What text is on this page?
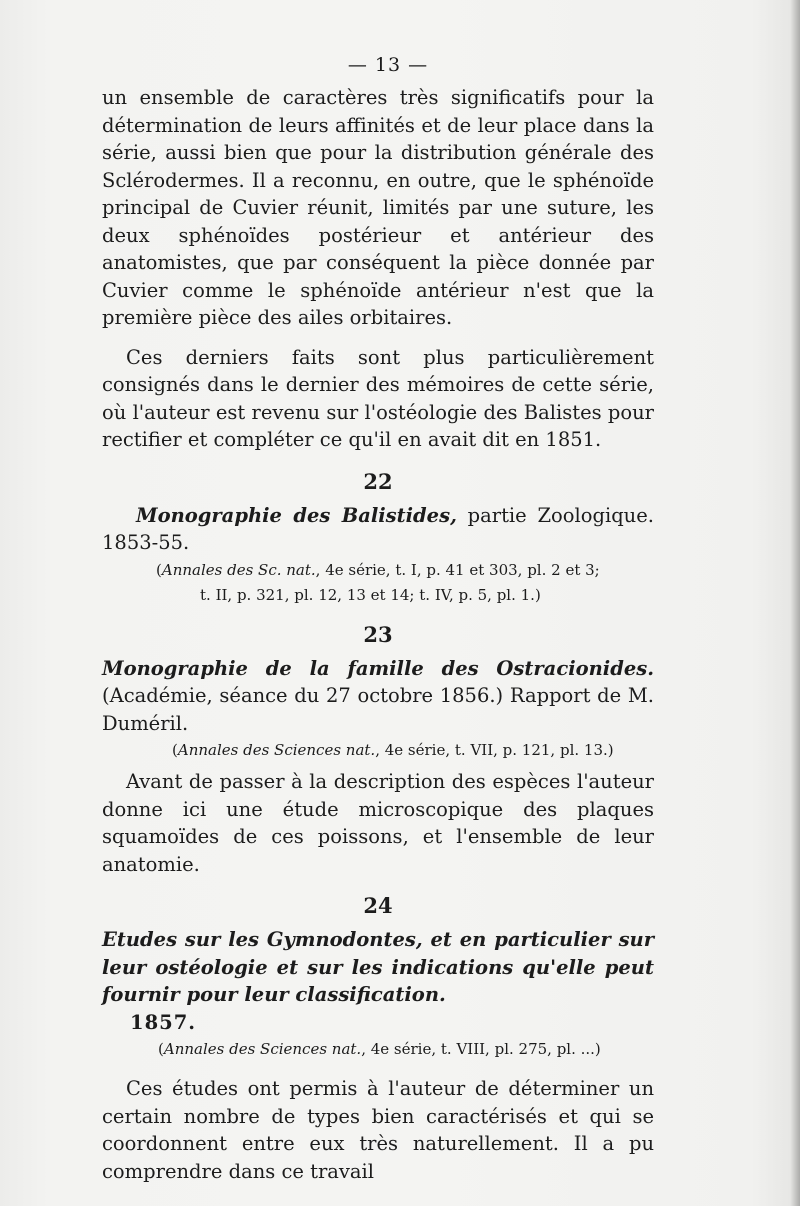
— 13 —

un ensemble de caractères très significatifs pour la détermination de leurs affinités et de leur place dans la série, aussi bien que pour la distribution générale des Sclérodermes. Il a reconnu, en outre, que le sphénoïde principal de Cuvier réunit, limités par une suture, les deux sphénoïdes postérieur et antérieur des anatomistes, que par conséquent la pièce donnée par Cuvier comme le sphénoïde antérieur n'est que la première pièce des ailes orbitaires.

Ces derniers faits sont plus particulièrement consignés dans le dernier des mémoires de cette série, où l'auteur est revenu sur l'ostéologie des Balistes pour rectifier et compléter ce qu'il en avait dit en 1851.

22
Monographie des Balistides, partie Zoologique. 1853-55.
(Annales des Sc. nat., 4e série, t. I, p. 41 et 303, pl. 2 et 3;
t. II, p. 321, pl. 12, 13 et 14; t. IV, p. 5, pl. 1.)
23
Monographie de la famille des Ostracionides. (Académie, séance du 27 octobre 1856.) Rapport de M. Duméril.
(Annales des Sciences nat., 4e série, t. VII, p. 121, pl. 13.)

Avant de passer à la description des espèces l'auteur donne ici une étude microscopique des plaques squamoïdes de ces poissons, et l'ensemble de leur anatomie.

24
Etudes sur les Gymnodontes, et en particulier sur leur ostéologie et sur les indications qu'elle peut fournir pour leur classification.
1857.
(Annales des Sciences nat., 4e série, t. VIII, pl. 275, pl. ...)

Ces études ont permis à l'auteur de déterminer un certain nombre de types bien caractérisés et qui se coordonnent entre eux très naturellement. Il a pu comprendre dans ce travail
